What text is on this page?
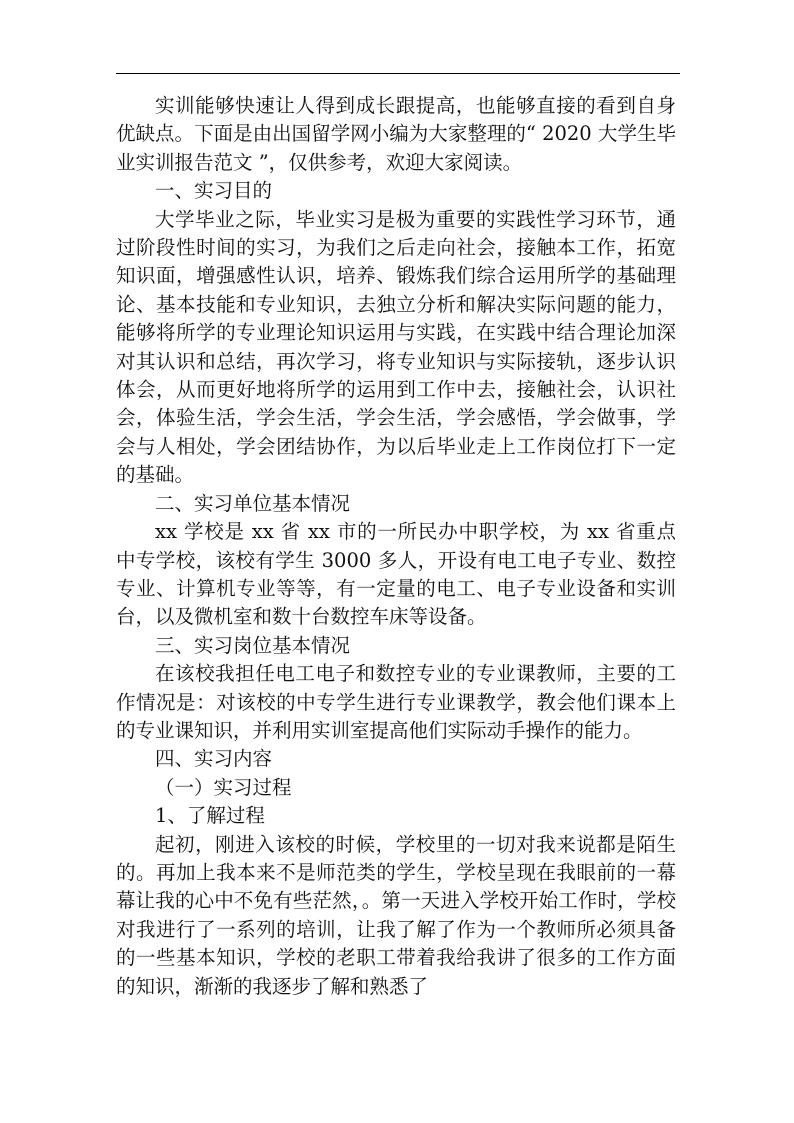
实训能够快速让人得到成长跟提高，也能够直接的看到自身优缺点。下面是由出国留学网小编为大家整理的“ 2020 大学生毕业实训报告范文 ”，仅供参考，欢迎大家阅读。

一、实习目的

大学毕业之际，毕业实习是极为重要的实践性学习环节，通过阶段性时间的实习，为我们之后走向社会，接触本工作，拓宽知识面，增强感性认识，培养、锻炼我们综合运用所学的基础理论、基本技能和专业知识，去独立分析和解决实际问题的能力，能够将所学的专业理论知识运用与实践，在实践中结合理论加深对其认识和总结，再次学习，将专业知识与实际接轨，逐步认识体会，从而更好地将所学的运用到工作中去，接触社会，认识社会，体验生活，学会生活，学会生活，学会感悟，学会做事，学会与人相处，学会团结协作，为以后毕业走上工作岗位打下一定的基础。

二、实习单位基本情况

xx 学校是 xx 省 xx 市的一所民办中职学校，为 xx 省重点中专学校，该校有学生 3000 多人，开设有电工电子专业、数控专业、计算机专业等等，有一定量的电工、电子专业设备和实训台，以及微机室和数十台数控车床等设备。

三、实习岗位基本情况

在该校我担任电工电子和数控专业的专业课教师，主要的工作情况是：对该校的中专学生进行专业课教学，教会他们课本上的专业课知识，并利用实训室提高他们实际动手操作的能力。

四、实习内容

（一）实习过程

1、了解过程

起初，刚进入该校的时候，学校里的一切对我来说都是陌生的。再加上我本来不是师范类的学生，学校呈现在我眼前的一幕幕让我的心中不免有些茫然，。第一天进入学校开始工作时，学校对我进行了一系列的培训，让我了解了作为一个教师所必须具备的一些基本知识，学校的老职工带着我给我讲了很多的工作方面的知识，渐渐的我逐步了解和熟悉了
